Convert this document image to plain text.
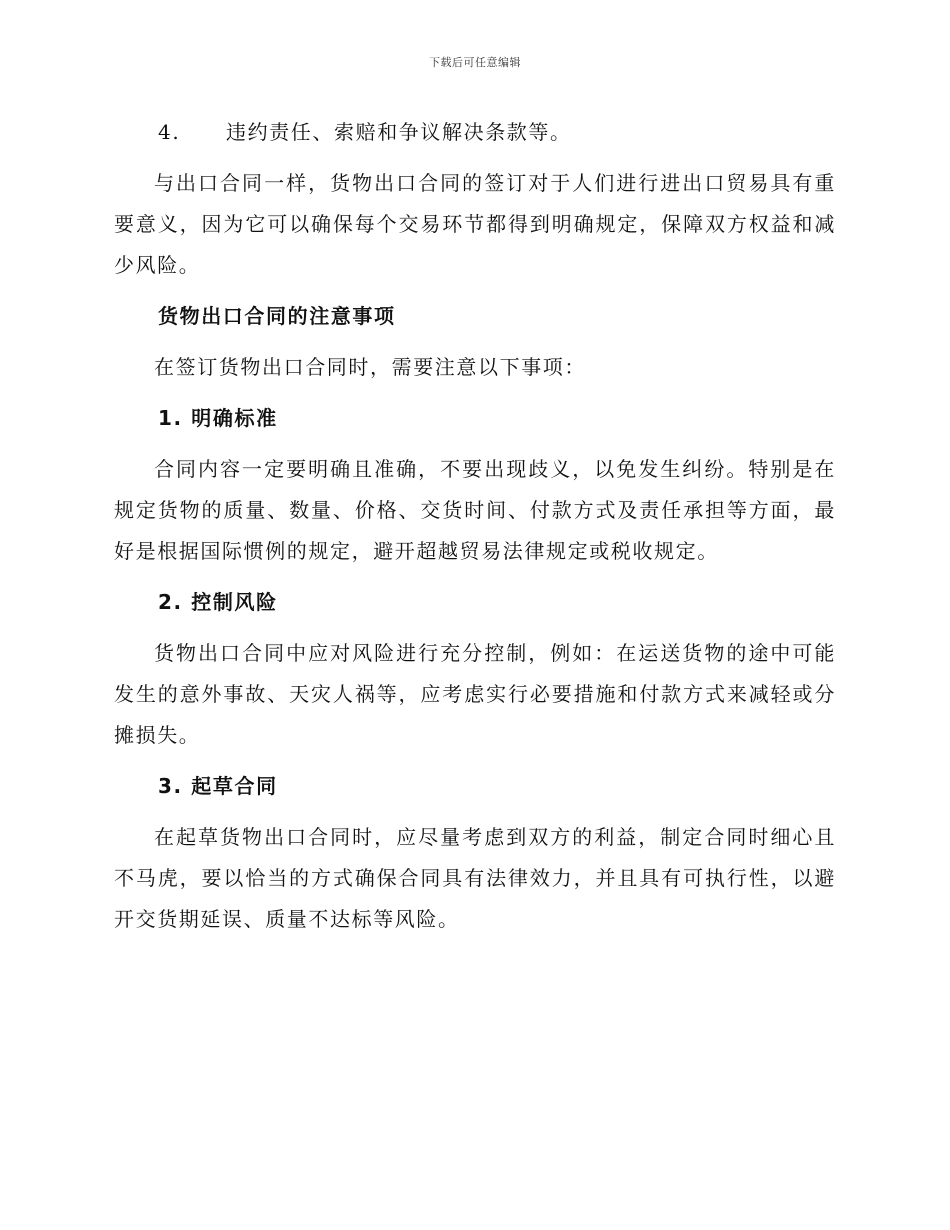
下载后可任意编辑
4.	违约责任、索赔和争议解决条款等。

与出口合同一样，货物出口合同的签订对于人们进行进出口贸易具有重要意义，因为它可以确保每个交易环节都得到明确规定，保障双方权益和减少风险。

货物出口合同的注意事项

在签订货物出口合同时，需要注意以下事项：

1. 明确标准

合同内容一定要明确且准确，不要出现歧义，以免发生纠纷。特别是在规定货物的质量、数量、价格、交货时间、付款方式及责任承担等方面，最好是根据国际惯例的规定，避开超越贸易法律规定或税收规定。

2. 控制风险

货物出口合同中应对风险进行充分控制，例如：在运送货物的途中可能发生的意外事故、天灾人祸等，应考虑实行必要措施和付款方式来减轻或分摊损失。

3. 起草合同

在起草货物出口合同时，应尽量考虑到双方的利益，制定合同时细心且不马虎，要以恰当的方式确保合同具有法律效力，并且具有可执行性，以避开交货期延误、质量不达标等风险。
